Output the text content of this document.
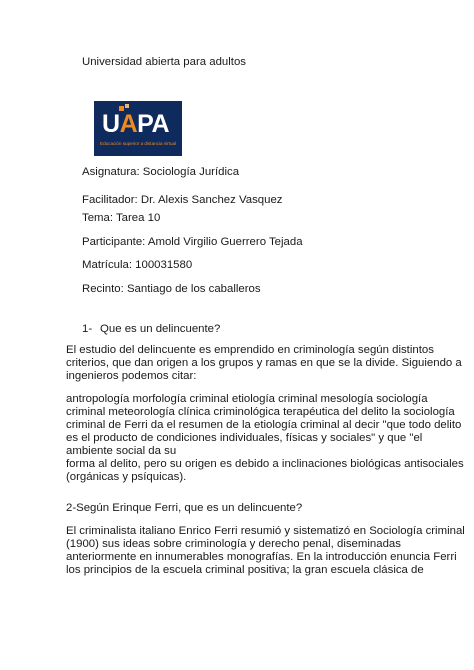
Universidad abierta para adultos

UAPA
Educación superior a distancia virtual

Asignatura: Sociología Jurídica

Facilitador: Dr. Alexis Sanchez Vasquez

Tema: Tarea 10

Participante: Amold Virgilio Guerrero Tejada

Matrícula: 100031580

Recinto: Santiago de los caballeros

1- Que es un delincuente?

El estudio del delincuente es emprendido en criminología según distintos

criterios, que dan origen a los grupos y ramas en que se la divide. Siguiendo a

ingenieros podemos citar:

antropología morfología criminal etiología criminal mesología sociología

criminal meteorología clínica criminológica terapéutica del delito la sociología

criminal de Ferri da el resumen de la etiología criminal al decir "que todo delito

es el producto de condiciones individuales, físicas y sociales" y que "el

ambiente social da su

forma al delito, pero su origen es debido a inclinaciones biológicas antisociales

(orgánicas y psíquicas).

2-Según Erinque Ferri, que es un delincuente?

El criminalista italiano Enrico Ferri resumió y sistematizó en Sociología criminal

(1900) sus ideas sobre criminología y derecho penal, diseminadas

anteriormente en innumerables monografías. En la introducción enuncia Ferri

los principios de la escuela criminal positiva; la gran escuela clásica de
